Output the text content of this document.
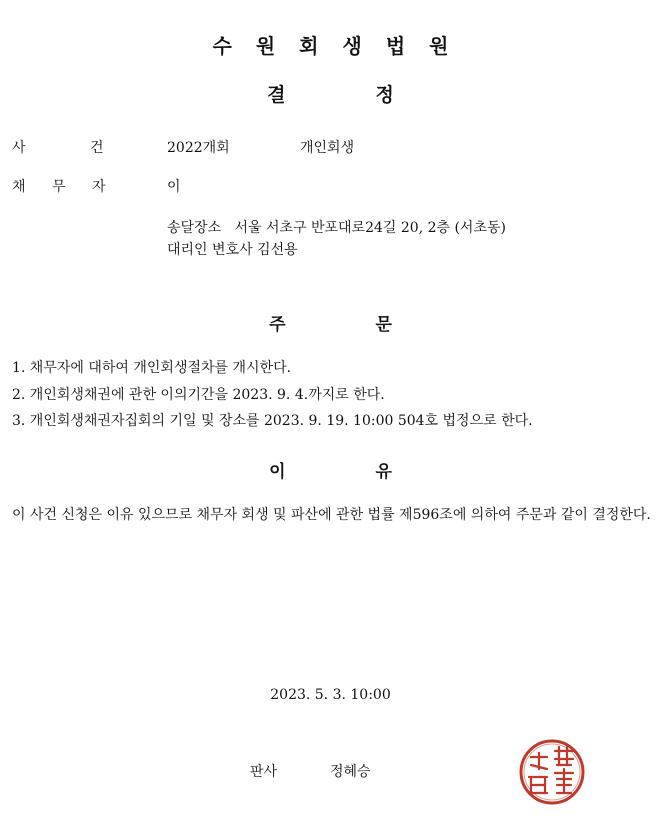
수 원 회 생 법 원
결	정
사	건	2022개회	개인회생
채 무 자	이
송달장소 서울 서초구 반포대로24길 20, 2층 (서초동)
대리인 변호사 김선용
주	문
1. 채무자에 대하여 개인회생절차를 개시한다.
2. 개인회생채권에 관한 이의기간을 2023. 9. 4.까지로 한다.
3. 개인회생채권자집회의 기일 및 장소를 2023. 9. 19. 10:00 504호 법정으로 한다.
이	유
이 사건 신청은 이유 있으므로 채무자 회생 및 파산에 관한 법률 제596조에 의하여 주문과 같이 결정한다.
2023. 5. 3. 10:00
판사	정혜승
